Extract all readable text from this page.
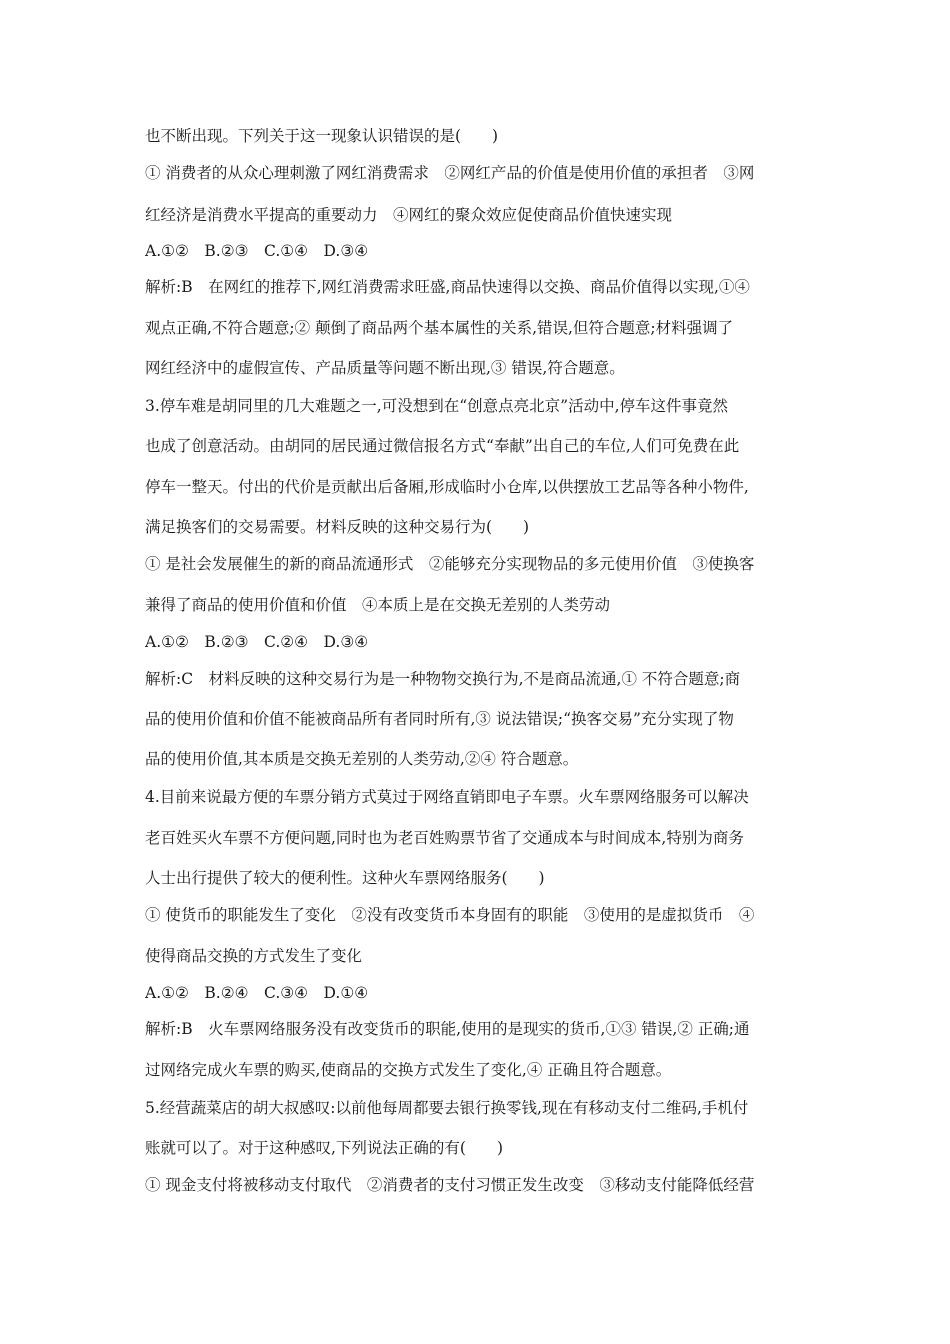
也不断出现。下列关于这一现象认识错误的是(　　)
① 消费者的从众心理刺激了网红消费需求　②网红产品的价值是使用价值的承担者　③网
红经济是消费水平提高的重要动力　④网红的聚众效应促使商品价值快速实现
A.①②　B.②③　C.①④　D.③④
解析:B　在网红的推荐下,网红消费需求旺盛,商品快速得以交换、商品价值得以实现,①④
观点正确,不符合题意;② 颠倒了商品两个基本属性的关系,错误,但符合题意;材料强调了
网红经济中的虚假宣传、产品质量等问题不断出现,③ 错误,符合题意。
3.停车难是胡同里的几大难题之一,可没想到在“创意点亮北京”活动中,停车这件事竟然
也成了创意活动。由胡同的居民通过微信报名方式“奉献”出自己的车位,人们可免费在此
停车一整天。付出的代价是贡献出后备厢,形成临时小仓库,以供摆放工艺品等各种小物件,
满足换客们的交易需要。材料反映的这种交易行为(　　)
① 是社会发展催生的新的商品流通形式　②能够充分实现物品的多元使用价值　③使换客
兼得了商品的使用价值和价值　④本质上是在交换无差别的人类劳动
A.①②　B.②③　C.②④　D.③④
解析:C　材料反映的这种交易行为是一种物物交换行为,不是商品流通,① 不符合题意;商
品的使用价值和价值不能被商品所有者同时所有,③ 说法错误;“换客交易”充分实现了物
品的使用价值,其本质是交换无差别的人类劳动,②④ 符合题意。
4.目前来说最方便的车票分销方式莫过于网络直销即电子车票。火车票网络服务可以解决
老百姓买火车票不方便问题,同时也为老百姓购票节省了交通成本与时间成本,特别为商务
人士出行提供了较大的便利性。这种火车票网络服务(　　)
① 使货币的职能发生了变化　②没有改变货币本身固有的职能　③使用的是虚拟货币　④
使得商品交换的方式发生了变化
A.①②　B.②④　C.③④　D.①④
解析:B　火车票网络服务没有改变货币的职能,使用的是现实的货币,①③ 错误,② 正确;通
过网络完成火车票的购买,使商品的交换方式发生了变化,④ 正确且符合题意。
5.经营蔬菜店的胡大叔感叹:以前他每周都要去银行换零钱,现在有移动支付二维码,手机付
账就可以了。对于这种感叹,下列说法正确的有(　　)
① 现金支付将被移动支付取代　②消费者的支付习惯正发生改变　③移动支付能降低经营
